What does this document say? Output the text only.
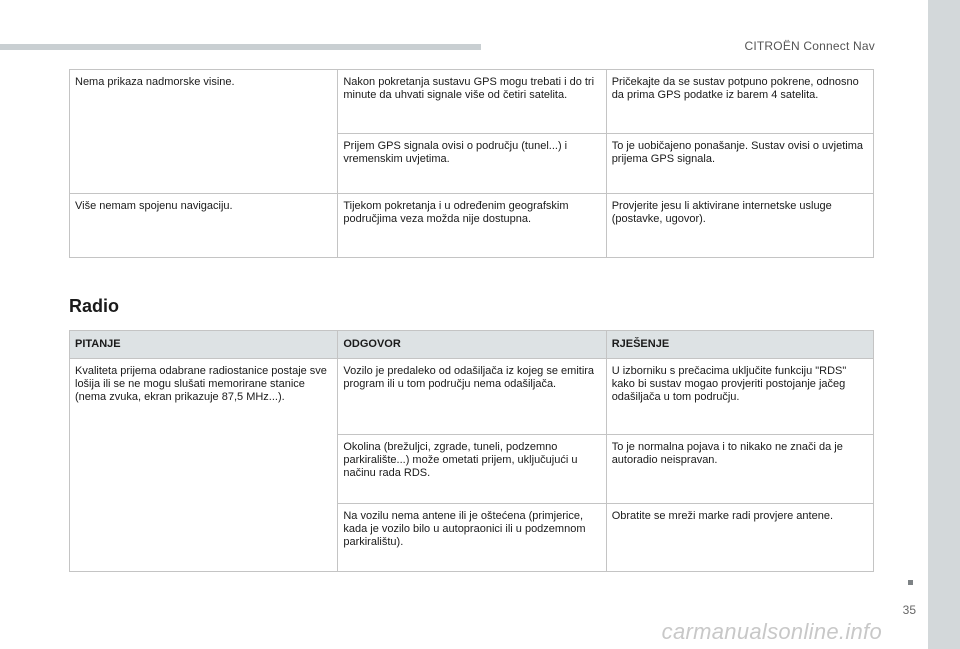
CITROËN Connect Nav
Nema prikaza nadmorske visine.	Nakon pokretanja sustavu GPS mogu trebati i do tri minute da uhvati signale više od četiri satelita.	Pričekajte da se sustav potpuno pokrene, odnosno da prima GPS podatke iz barem 4 satelita.
	Prijem GPS signala ovisi o području (tunel...) i vremenskim uvjetima.	To je uobičajeno ponašanje. Sustav ovisi o uvjetima prijema GPS signala.
Više nemam spojenu navigaciju.	Tijekom pokretanja i u određenim geografskim područjima veza možda nije dostupna.	Provjerite jesu li aktivirane internetske usluge (postavke, ugovor).
Radio
PITANJE	ODGOVOR	RJEŠENJE
Kvaliteta prijema odabrane radiostanice postaje sve lošija ili se ne mogu slušati memorirane stanice (nema zvuka, ekran prikazuje 87,5 MHz...).	Vozilo je predaleko od odašiljača iz kojeg se emitira program ili u tom području nema odašiljača.	U izborniku s prečacima uključite funkciju "RDS" kako bi sustav mogao provjeriti postojanje jačeg odašiljača u tom području.
	Okolina (brežuljci, zgrade, tuneli, podzemno parkiralište...) može ometati prijem, uključujući u načinu rada RDS.	To je normalna pojava i to nikako ne znači da je autoradio neispravan.
	Na vozilu nema antene ili je oštećena (primjerice, kada je vozilo bilo u autopraonici ili u podzemnom parkiralištu).	Obratite se mreži marke radi provjere antene.
35
carmanualsonline.info
